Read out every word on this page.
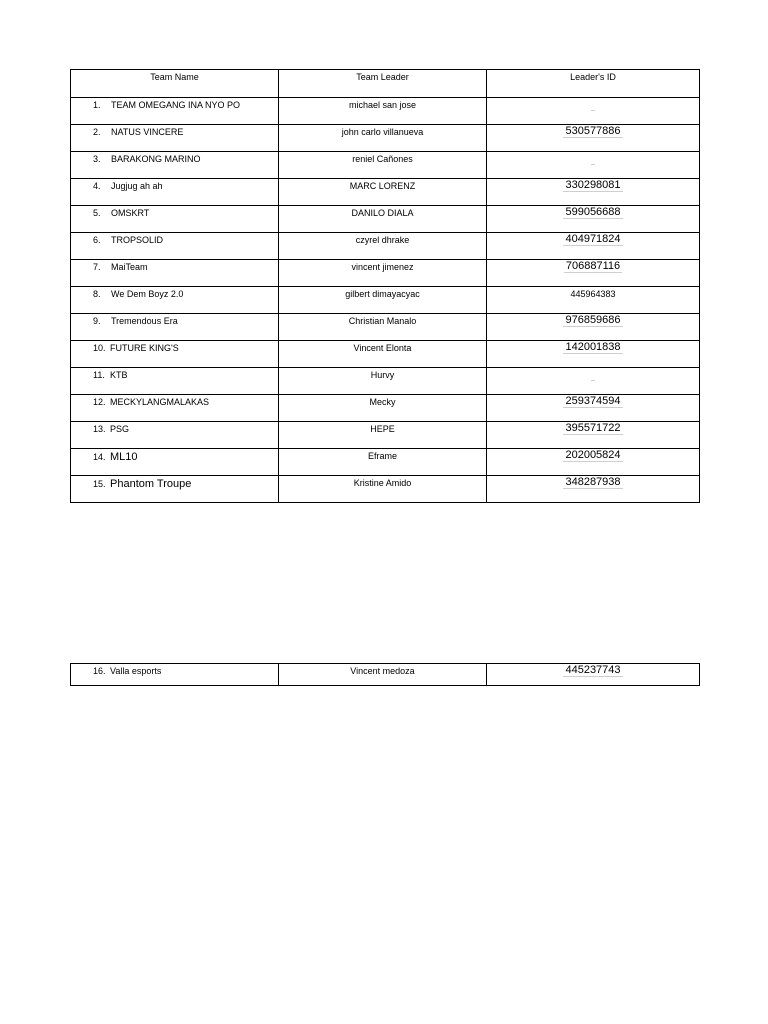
Team Name	Team Leader	Leader's ID
1. TEAM OMEGANG INA NYO PO	michael san jose	
2. NATUS VINCERE	john carlo villanueva	530577886
3. BARAKONG MARINO	reniel Cañones	
4. Jugjug ah ah	MARC LORENZ	330298081
5. OMSKRT	DANILO DIALA	599056688
6. TROPSOLID	czyrel dhrake	404971824
7. MaiTeam	vincent jimenez	706887116
8. We Dem Boyz 2.0	gilbert dimayacyac	445964383
9. Tremendous Era	Christian Manalo	976859686
10. FUTURE KING'S	Vincent Elonta	142001838
11. KTB	Hurvy	
12. MECKYLANGMALAKAS	Mecky	259374594
13. PSG	HEPE	395571722
14. ML10	Eframe	202005824
15. Phantom Troupe	Kristine Amido	348287938
16. Valla esports	Vincent medoza	445237743
